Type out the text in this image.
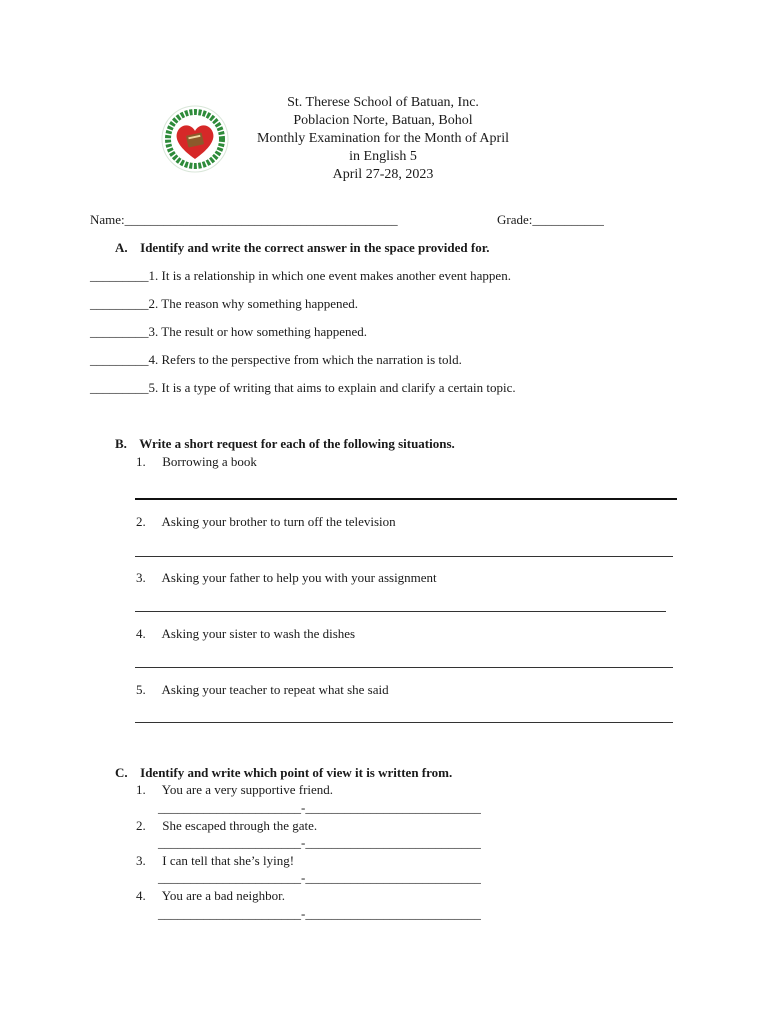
St. Therese School of Batuan, Inc.
Poblacion Norte, Batuan, Bohol
Monthly Examination for the Month of April
in English 5
April 27-28, 2023
Name:__________________________________________	Grade:___________
A. Identify and write the correct answer in the space provided for.
_________1. It is a relationship in which one event makes another event happen.
_________2. The reason why something happened.
_________3. The result or how something happened.
_________4. Refers to the perspective from which the narration is told.
_________5. It is a type of writing that aims to explain and clarify a certain topic.
B. Write a short request for each of the following situations.
1. Borrowing a book
2. Asking your brother to turn off the television
3. Asking your father to help you with your assignment
4. Asking your sister to wash the dishes
5. Asking your teacher to repeat what she said
C. Identify and write which point of view it is written from.
1. You are a very supportive friend.
______________________-___________________________
2. She escaped through the gate.
______________________-___________________________
3. I can tell that she’s lying!
______________________-___________________________
4. You are a bad neighbor.
______________________-___________________________
